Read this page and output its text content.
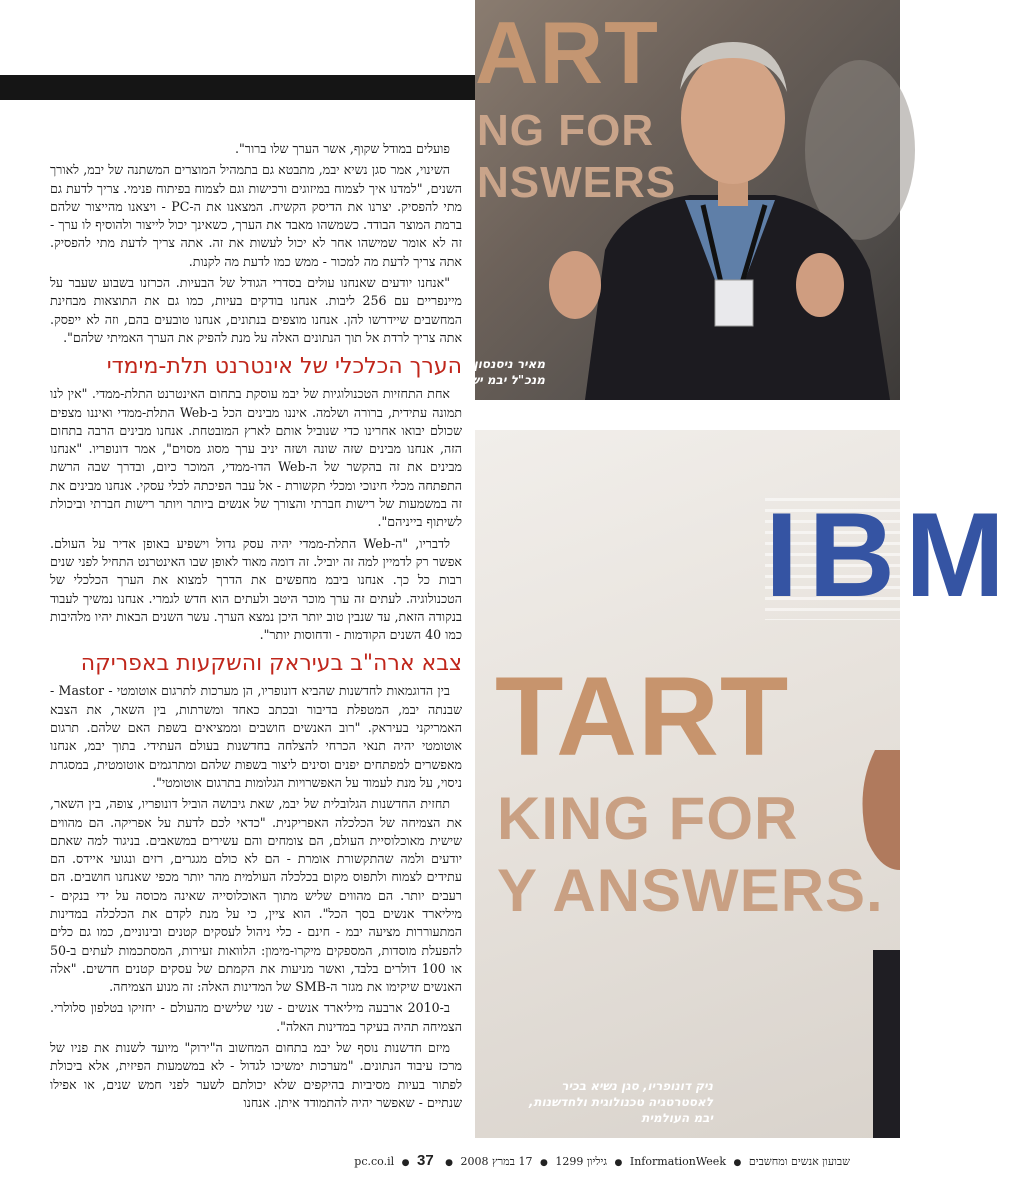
פועלים במודל שקוף, אשר הערך שלו ברור".

השינוי, אמר סגן נשיא יבמ, מתבטא גם בתמהיל המוצרים המשתנה של יבמ, לאורך השנים, "למדנו איך לצמוח במיזוגים ורכישות וגם לצמוח בפיתוח פנימי. צריך לדעת גם מתי להפסיק. יצרנו את הדיסק הקשיח. המצאנו את ה-PC - ויצאנו מהייצור שלהם ברמת המוצר הבודד. כשמשהו מאבד את הערך, כשאינך יכול לייצור ולהוסיף לו ערך - זה לא אומר שמישהו אחר לא יכול לעשות את זה. אתה צריך לדעת מתי להפסיק. אתה צריך לדעת מה למכור - ממש כמו לדעת מה לקנות.

"אנחנו יודעים שאנחנו עולים בסדרי הגודל של הבעיות. הכרזנו בשבוע שעבר על מיינפריים עם 256 ליבות. אנחנו בודקים בעיות, כמו גם את התוצאות מבחינת המחשבים שיידרשו להן. אנחנו מוצפים בנתונים, אנחנו טובעים בהם, וזה לא ייפסק. אתה צריך לרדת אל תוך הנתונים האלה על מנת להפיק את הערך האמיתי שלהם".

הערך הכלכלי של אינטרנט תלת-מימדי

אחת התחזיות הטכנולוגיות של יבמ עוסקת בתחום האינטרנט התלת-ממדי. "אין לנו תמונה עתידית, ברורה ושלמה. איננו מבינים הכל ב-Web התלת-ממדי ואיננו מצפים שכולם יבואו אחרינו כדי שנוביל אותם לארץ המובטחת. אנחנו מבינים הרבה בתחום הזה, אנחנו מבינים שזה שונה ושזה יניב ערך מסוג מסוים", אמר דונופריו. "אנחנו מבינים את זה בהקשר של ה-Web הדו-ממדי, המוכר כיום, ובדרך שבה הרשת התפתחה מכלי חינוכי ומכלי תקשורת - אל עבר הפיכתה לכלי עסקי. אנחנו מבינים את זה במשמעות של רישות חברתי והצורך של אנשים ביותר ויותר רישות חברתי וביכולת לשיתוף בייניהם".

לדבריו, "ה-Web התלת-ממדי יהיה עסק גדול וישפיע באופן אדיר על העולם. אפשר רק לדמיין למה זה יוביל. זה דומה מאוד לאופן שבו האינטרנט התחיל לפני שנים רבות כל כך. אנחנו ביבמ מחפשים את הדרך למצוא את הערך הכלכלי של הטכנולוגיה. לעתים זה ערך מוכר היטב ולעתים הוא חדש לגמרי. אנחנו נמשיך לעבוד בנקודה הזאת, עד שנבין טוב יותר היכן נמצא הערך. עשר השנים הבאות יהיו מלהיבות כמו 40 השנים הקודמות - ודחוסות יותר".

צבא ארה"ב בעיראק והשקעות באפריקה

בין הדוגמאות לחדשנות שהביא דונופריו, הן מערכות לתרגום אוטומטי - Mastor - שבנתה יבמ, המטפלת בדיבור ובכתב כאחד ומשרתות, בין השאר, את הצבא האמריקני בעיראק. "רוב האנשים חושבים וממציאים בשפת האם שלהם. תרגום אוטומטי יהיה תנאי הכרחי להצלחה בחדשנות בעולם העתידי. בתוך יבמ, אנחנו מאפשרים למפתחים יפנים וסינים ליצור בשפות שלהם ומתרגמים אוטומטית, במסגרת ניסוי, על מנת לעמוד על האפשרויות הגלומות בתרגום אוטומטי".

תחזית החדשנות הגלובלית של יבמ, שאת גיבושה הוביל דונופריו, צופה, בין השאר, את הצמיחה של הכלכלה האפריקנית. "כדאי לכם לדעת על אפריקה. הם מהווים שישית מאוכלוסיית העולם, הם צומחים והם עשירים במשאבים. בניגוד למה שאתם יודעים ולמה שהתקשורת אומרת - הם לא כולם מגגרים, רזים ונגועי איידס. הם עתידים לצמוח ולתפוס מקום בכלכלה העולמית מהר יותר מכפי שאנחנו חושבים. הם רעבים יותר. הם מהווים שליש מתוך האוכלוסייה שאינה מכוסה על ידי בנקים - מיליארד אנשים בסך הכל". הוא ציין, כי על מנת לקדם את הכלכלה במדינות המתעוררות מציעה יבמ - חינם - כלי ניהול לעסקים קטנים ובינוניים, כמו גם כלים להפעלת מוסדות, המספקים מיקרו-מימון: הלוואות זעירות, המסתכמות לעתים ב-50 או 100 דולרים בלבד, ואשר מניעות את הקמתם של עסקים קטנים חדשים. "אלה האנשים שיקימו את מגזר ה-SMB של המדינות האלה: זה מנוע הצמיחה.

ב-2010 ארבעה מיליארד אנשים - שני שלישים מהעולם - יחזיקו בטלפון סלולרי. הצמיחה תהיה בעיקר במדינות האלה".

מיזם חדשנות נוסף של יבמ בתחום המחשוב ה"ירוק" מיועד לשנות את פניו של מרכז עיבוד הנתונים. "מערכות ימשיכו לגדול - לא במשמעות הפיזית, אלא ביכולת לפתור בעיות מסיביות בהיקפים שלא יכולתם לשער לפני חמש שנים, או אפילו שנתיים - שאפשר יהיה להתמודד איתן. אנחנו

ART
NG FOR
NSWERS
מאיר ניסנסון,
מנכ"ל יבמ ישראל
IBM
TART
KING FOR
Y ANSWERS.
ניק דונופריו, סגן נשיא בכיר
לאסטרטגיה טכנולוגית ולחדשנות,
יבמ העולמית
שבועון אנשים ומחשבים ● InformationWeek ● גיליון 1299 ● 17 במרץ 2008 ● pc.co.il ● 37
